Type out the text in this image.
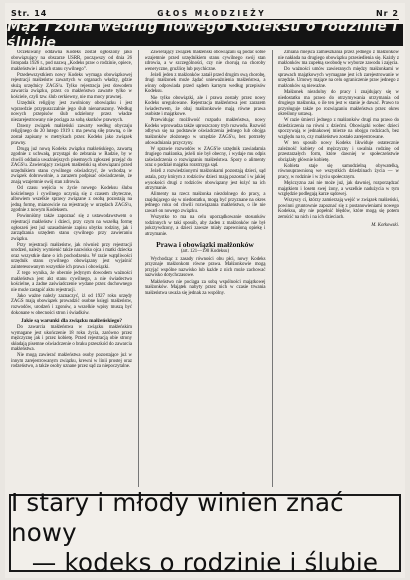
Str. 14	GŁOS MŁODZIEŻY	Nr 2
Mąż i żona według nowego Kodeksu o rodzinie i ślubie

Oczekiwany oddawna Kodeks został ogłoszony jako obowiązujący na obszarze USRR, począwszy od dnia 26 listopada 1926 r., pod nazwą „Kodeks praw o rodzinie, opiece, małżeństwie i aktach stanu cywilnego”.

Przedewszystkiem nowy Kodeks wymaga obowiązkowej rejestracji małżeństw zawartych w organach władzy, gdzie służą urzędnicy ZAGS'u. Tylko rejestracja jest dowodem zawarcia związku, przez co małżeństwo zawarte tylko w kościele, czyli tzw. ślub cerkiewny, nie ma mocy prawnej.

Urzędnik religijny jest zwolniony obowiązku i jest wprawdzie przypuszczalnie jego ślub nienaruszony. Według nowych przepisów ślub udzielony przez władze niezarejestrowany nie pociąga za sobą skutków prawnych.

Dawny związek małżeński zawarty według obyczaju religijnego do 20 lutego 1919 r. ma pewną siłę prawną, o ile został zapisany w metrykach przez Kodeks jako związek prawny.

Drugą już nową Kodeks związku małżeńskiego, zawartą zgodnie z uchwałą, przystąpi do zebrania w Radzie, by w chwili oddania uważniejszych pisemnych zgłoszeń przejąć do ZAGS'u. Zawierający związek małżeński są obowiązani przed urzędnikiem stanu cywilnego oświadczyć, że wchodzą w związek dobrowolnie, a zarazem podpisać oświadczenie, że znają wzajemnie swój stan zdrowia.

Od czasu wejścia w życie nowego Kodeksu ślubu kościelnego i cywilnego uczynią się z czasem zbyteczne, albowiem wszelkie sprawy związane z osobą pozostają na jedną formę, mianowicie na rejestrację w urzędach ZAGS'u, zgodnie z nowym Kodeksem.

Powinniśmy także zapoznać się z ustawodawstwem o rejestracji małżeństw i dzieci, przy czym na wszelką formę ogłoszeń jest już uzasadnienie zapisu ubytku rodziny, jak i zarządzania urzędem stanu cywilnego przy zawieraniu związku.

Przy rejestracji małżeństw, jak również przy rejestracji urodzeń, należy wymienić także nazwisko ojca i matki dziecka oraz wszystkie dane o ich pochodzeniu. W razie wątpliwości urzędnik stanu cywilnego obowiązany jest wyjaśnić zainteresowanym wszystkie ich prawa i obowiązki.

Z tego wynika, że obecnie jedynym dowodem ważności małżeństwa jest akt stanu cywilnego, a nie świadectwo kościelne, a żadne zaświadczenie wydane przez duchownego nie może zastąpić aktu rejestracji.

Jako ważne należy zaznaczyć, iż od 1927 roku urzędy ZAGS mają obowiązek prowadzić osobne księgi małżeństw, rozwodów, urodzeń i zgonów, a wszelkie wpisy muszą być dokonane w obecności stron i świadków.

Jakie są warunki dla związku małżeńskiego?

Do zawarcia małżeństwa w związku małżeńskim wymagane jest ukończenie 18 roku życia, zarówno przez mężczyznę jak i przez kobietę. Przed rejestracją obie strony składają pisemne oświadczenie o braku przeszkód do zawarcia małżeństwa.

Nie mogą zawierać małżeństwa osoby pozostające już w innym zarejestrowanym związku, krewni w linii prostej oraz rodzeństwo, a także osoby uznane przez sąd za niepoczytalne.

Zawierający związek małżeński obowiązani są podać sobie wzajemnie przed urzędnikiem stanu cywilnego swój stan zdrowia, a w szczególności, czy nie chorują na choroby weneryczne, gruźlicę lub psychiczne.

Jeżeli jeden z małżonków zataił przed drugim swą chorobę, drugi małżonek może żądać unieważnienia małżeństwa, a winny odpowiada przed sądem karnym według przepisów Kodeksu.

Nie tylko obowiązki, ale i prawa zostały przez nowy Kodeks uregulowane. Rejestracja małżeństwa jest zarazem świadectwem, że obaj małżonkowie mają równe prawa osobiste i majątkowe.

Przewidując możliwość rozpadu małżeństwa, nowy Kodeks wprowadza także uproszczony tryb rozwodu. Rozwód odbywa się na podstawie oświadczenia jednego lub obojga małżonków złożonego w urzędzie ZAGS'u, bez potrzeby udowadniania przyczyny.

W sprawie rozwodów w ZAGS'ie urzędnik zawiadamia drugiego małżonka, jeżeli nie był obecny, i wydaje mu odpis zaświadczenia o rozwiązaniu małżeństwa. Spory o alimenty oraz o podział majątku rozstrzyga sąd.

Jeżeli z rozwiedzionymi małżonkami pozostają dzieci, sąd ustala, przy którym z rodziców dzieci mają pozostać i w jakiej wysokości drugi z rodziców obowiązany jest łożyć na ich utrzymanie.

Alimenty na rzecz małżonka niezdolnego do pracy, a znajdującego się w niedostatku, mogą być przyznane na okres jednego roku od chwili rozwiązania małżeństwa, o ile nie zawarł on nowego związku.

Wszystko to ma na celu uporządkowanie stosunków rodzinnych w taki sposób, aby żaden z małżonków nie był pokrzywdzony, a dzieci zawsze miały zapewnioną opiekę i utrzymanie.

Prawa i obowiązki małżonków
(art. 121—190 Kodeksu)

Wychodząc z zasady równości obu płci, nowy Kodeks przyznaje małżonkom równe prawa. Małżonkowie mogą przyjąć wspólne nazwisko lub każde z nich może zachować nazwisko dotychczasowe.

Małżeństwo nie pociąga za sobą wspólności majątkowej małżonków. Majątek nabyty przez nich w czasie trwania małżeństwa uważa się jednak za wspólny.

Zmiana miejsca zamieszkania przez jednego z małżonków nie nakłada na drugiego obowiązku przesiedlenia się. Każdy z małżonków ma zupełną swobodę w wyborze zawodu i zajęcia.

Do ważności umów zawieranych między małżonkami w sprawach majątkowych wymagane jest ich zarejestrowanie w urzędzie. Umowy mające na celu ograniczenie praw jednego z małżonków są nieważne.

Małżonek niezdolny do pracy i znajdujący się w niedostatku ma prawo do otrzymywania utrzymania od drugiego małżonka, o ile ten jest w stanie je dawać. Prawo to przysługuje także po rozwiązaniu małżeństwa przez okres określony ustawą.

W razie śmierci jednego z małżonków drugi ma prawo do dziedziczenia na równi z dziećmi. Obowiązki wobec dzieci spoczywają w jednakowej mierze na obojgu rodzicach, bez względu na to, czy małżeństwo zostało zarejestrowane.

W ten sposób nowy Kodeks likwiduje ostatecznie zależność kobiety od mężczyzny i uwalnia rodzinę od przestarzałych form, które dawniej w społeczeństwie obciążały głównie kobietę.

Kobieta staje się samodzielną obywatelką, równouprawnioną we wszystkich dziedzinach życia — w pracy, w rodzinie i w życiu społecznym.

Mężczyzna zaś nie może już, jak dawniej, rozporządzać majątkiem i losem swej żony, a wszelkie nadużycia w tym względzie podlegają karze sądowej.

Wszyscy ci, którzy zamierzają wejść w związek małżeński, powinni gruntownie zapoznać się z postanowieniami nowego Kodeksu, aby nie popełnić błędów, które mogą się potem zemścić na nich i na ich dzieciach.

M. Kotkowski.

I stary i młody winien znać nowy
— kodeks o rodzinie i ślubie
